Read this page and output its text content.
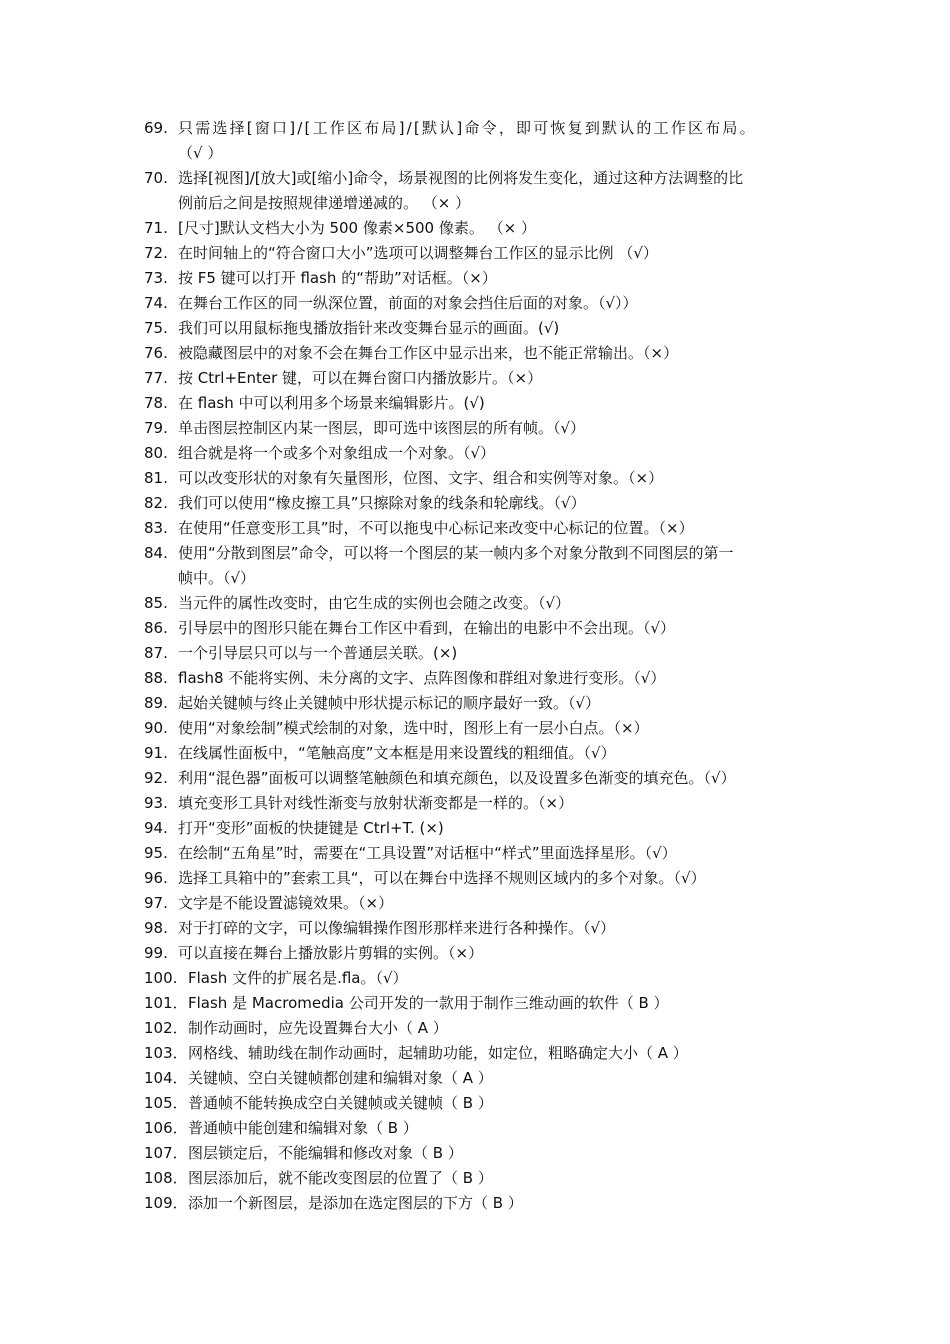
69. 只需选择[窗口]/[工作区布局]/[默认]命令，即可恢复到默认的工作区布局。
（√ ）
70. 选择[视图]/[放大]或[缩小]命令，场景视图的比例将发生变化，通过这种方法调整的比
例前后之间是按照规律递增递减的。 （× ）
71. [尺寸]默认文档大小为 500 像素×500 像素。 （× ）
72. 在时间轴上的“符合窗口大小”选项可以调整舞台工作区的显示比例 （√）
73. 按 F5 键可以打开 flash 的“帮助”对话框。（×）
74. 在舞台工作区的同一纵深位置，前面的对象会挡住后面的对象。（√））
75. 我们可以用鼠标拖曳播放指针来改变舞台显示的画面。(√)
76. 被隐藏图层中的对象不会在舞台工作区中显示出来，也不能正常输出。（×）
77. 按 Ctrl+Enter 键，可以在舞台窗口内播放影片。（×）
78. 在 flash 中可以利用多个场景来编辑影片。(√)
79. 单击图层控制区内某一图层，即可选中该图层的所有帧。（√）
80. 组合就是将一个或多个对象组成一个对象。（√）
81. 可以改变形状的对象有矢量图形，位图、文字、组合和实例等对象。（×）
82. 我们可以使用“橡皮擦工具”只擦除对象的线条和轮廓线。（√）
83. 在使用“任意变形工具”时，不可以拖曳中心标记来改变中心标记的位置。（×）
84. 使用“分散到图层”命令，可以将一个图层的某一帧内多个对象分散到不同图层的第一
帧中。（√）
85. 当元件的属性改变时，由它生成的实例也会随之改变。（√）
86. 引导层中的图形只能在舞台工作区中看到，在输出的电影中不会出现。（√）
87. 一个引导层只可以与一个普通层关联。(×)
88. flash8 不能将实例、未分离的文字、点阵图像和群组对象进行变形。（√）
89. 起始关键帧与终止关键帧中形状提示标记的顺序最好一致。（√）
90. 使用“对象绘制”模式绘制的对象，选中时，图形上有一层小白点。（×）
91. 在线属性面板中，“笔触高度”文本框是用来设置线的粗细值。（√）
92. 利用“混色器”面板可以调整笔触颜色和填充颜色，以及设置多色渐变的填充色。（√）
93. 填充变形工具针对线性渐变与放射状渐变都是一样的。（×）
94. 打开“变形”面板的快捷键是 Ctrl+T. (×)
95. 在绘制“五角星”时，需要在“工具设置”对话框中“样式”里面选择星形。（√）
96. 选择工具箱中的”套索工具“，可以在舞台中选择不规则区域内的多个对象。（√）
97. 文字是不能设置滤镜效果。（×）
98. 对于打碎的文字，可以像编辑操作图形那样来进行各种操作。（√）
99. 可以直接在舞台上播放影片剪辑的实例。（×）
100. Flash 文件的扩展名是.fla。（√）
101． Flash 是 Macromedia 公司开发的一款用于制作三维动画的软件（ B ）
102． 制作动画时，应先设置舞台大小（ A ）
103． 网格线、辅助线在制作动画时，起辅助功能，如定位，粗略确定大小（ A ）
104． 关键帧、空白关键帧都创建和编辑对象（ A ）
105． 普通帧不能转换成空白关键帧或关键帧（ B ）
106． 普通帧中能创建和编辑对象（ B ）
107． 图层锁定后，不能编辑和修改对象（ B ）
108． 图层添加后，就不能改变图层的位置了（ B ）
109． 添加一个新图层，是添加在选定图层的下方（ B ）
